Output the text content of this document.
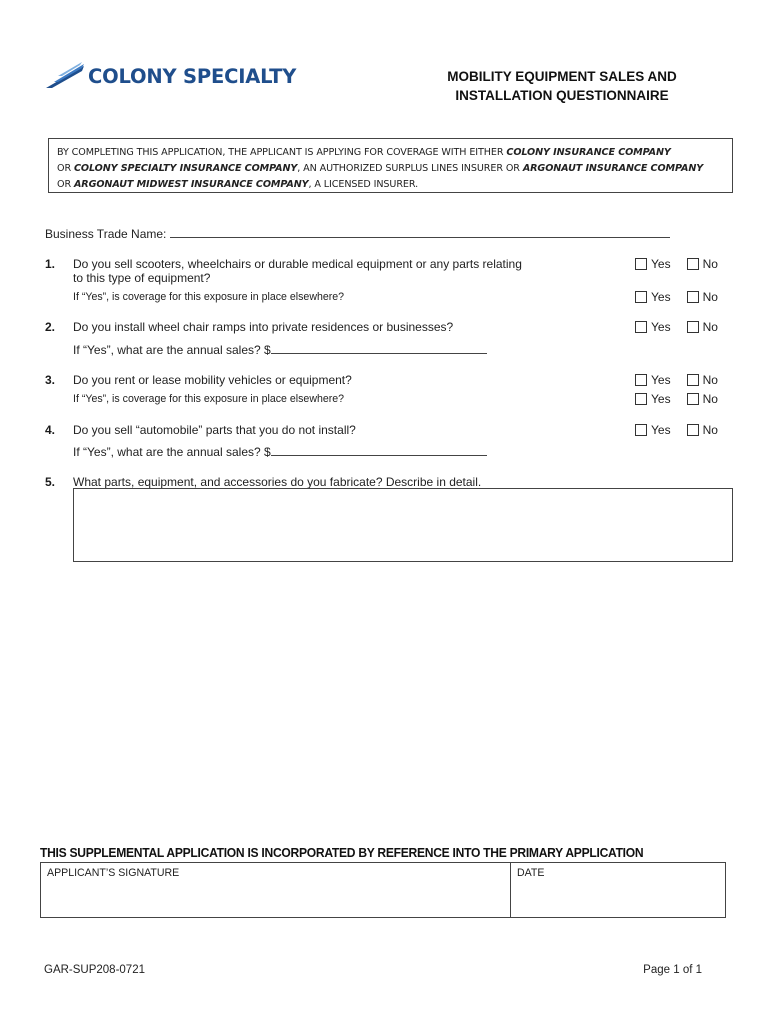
COLONY SPECIALTY	MOBILITY EQUIPMENT SALES AND
INSTALLATION QUESTIONNAIRE
BY COMPLETING THIS APPLICATION, THE APPLICANT IS APPLYING FOR COVERAGE WITH EITHER COLONY INSURANCE COMPANY
OR COLONY SPECIALTY INSURANCE COMPANY, AN AUTHORIZED SURPLUS LINES INSURER OR ARGONAUT INSURANCE COMPANY
OR ARGONAUT MIDWEST INSURANCE COMPANY, A LICENSED INSURER.
Business Trade Name:
1. Do you sell scooters, wheelchairs or durable medical equipment or any parts relating
to this type of equipment?
Yes	No
If “Yes”, is coverage for this exposure in place elsewhere?	Yes	No
2. Do you install wheel chair ramps into private residences or businesses?	Yes	No
If “Yes”, what are the annual sales? $
3. Do you rent or lease mobility vehicles or equipment?	Yes	No
If “Yes”, is coverage for this exposure in place elsewhere?	Yes	No
4. Do you sell “automobile” parts that you do not install?	Yes	No
If “Yes”, what are the annual sales? $
5. What parts, equipment, and accessories do you fabricate? Describe in detail.
THIS SUPPLEMENTAL APPLICATION IS INCORPORATED BY REFERENCE INTO THE PRIMARY APPLICATION
APPLICANT’S SIGNATURE	DATE
GAR-SUP208-0721	Page 1 of 1
